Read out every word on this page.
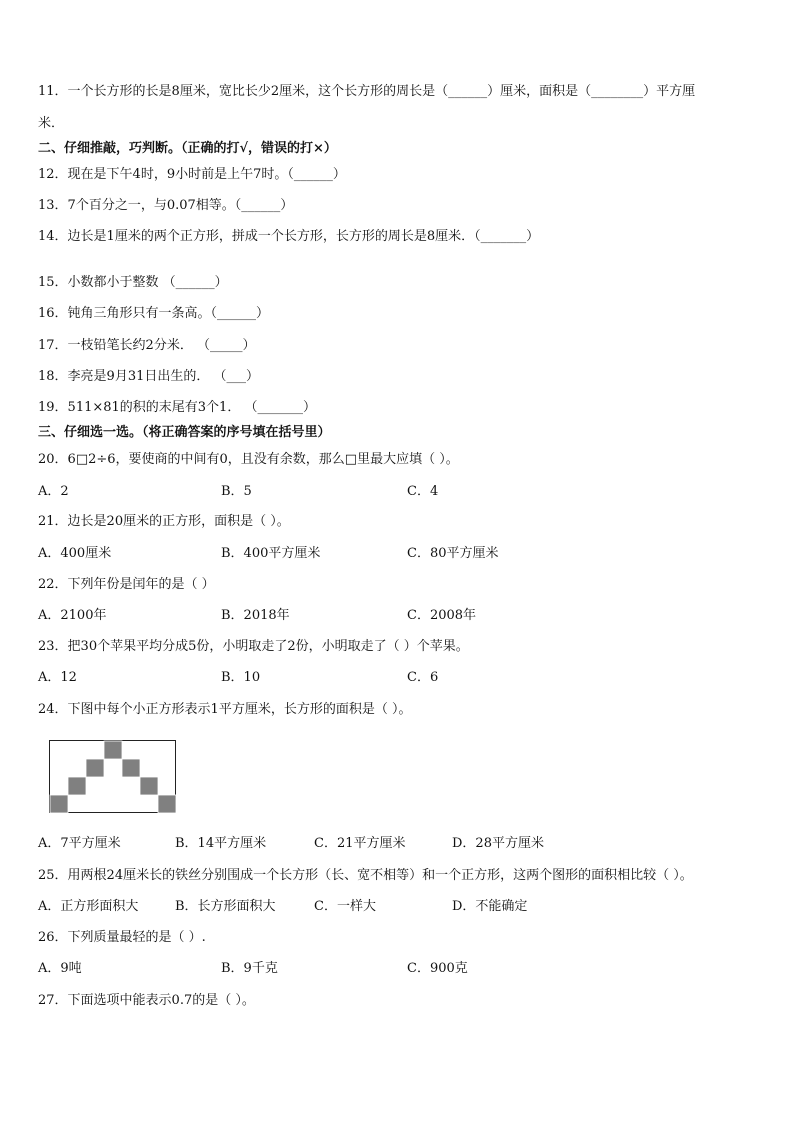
11．一个长方形的长是8厘米，宽比长少2厘米，这个长方形的周长是（______）厘米，面积是（________）平方厘
米．
二、仔细推敲，巧判断。（正确的打√，错误的打×）
12．现在是下午4时，9小时前是上午7时。（______）
13．7个百分之一，与0.07相等。（______）
14．边长是1厘米的两个正方形，拼成一个长方形，长方形的周长是8厘米．（_______）
15．小数都小于整数 （______）
16．钝角三角形只有一条高。（______）
17．一枝铅笔长约2分米． （_____）
18．李亮是9月31日出生的． （___）
19．511×81的积的末尾有3个1． （_______）
三、仔细选一选。（将正确答案的序号填在括号里）
20．6□2÷6，要使商的中间有0，且没有余数，那么□里最大应填（ ）。
A．2	B．5	C．4
21．边长是20厘米的正方形，面积是（ ）。
A．400厘米	B．400平方厘米	C．80平方厘米
22．下列年份是闰年的是（ ）
A．2100年	B．2018年	C．2008年
23．把30个苹果平均分成5份，小明取走了2份，小明取走了（ ）个苹果。
A．12	B．10	C．6
24．下图中每个小正方形表示1平方厘米，长方形的面积是（ ）。
A．7平方厘米	B．14平方厘米	C．21平方厘米	D．28平方厘米
25．用两根24厘米长的铁丝分别围成一个长方形（长、宽不相等）和一个正方形，这两个图形的面积相比较（ ）。
A．正方形面积大	B．长方形面积大	C．一样大	D．不能确定
26．下列质量最轻的是（ ）.
A．9吨	B．9千克	C．900克
27．下面选项中能表示0.7的是（ ）。
